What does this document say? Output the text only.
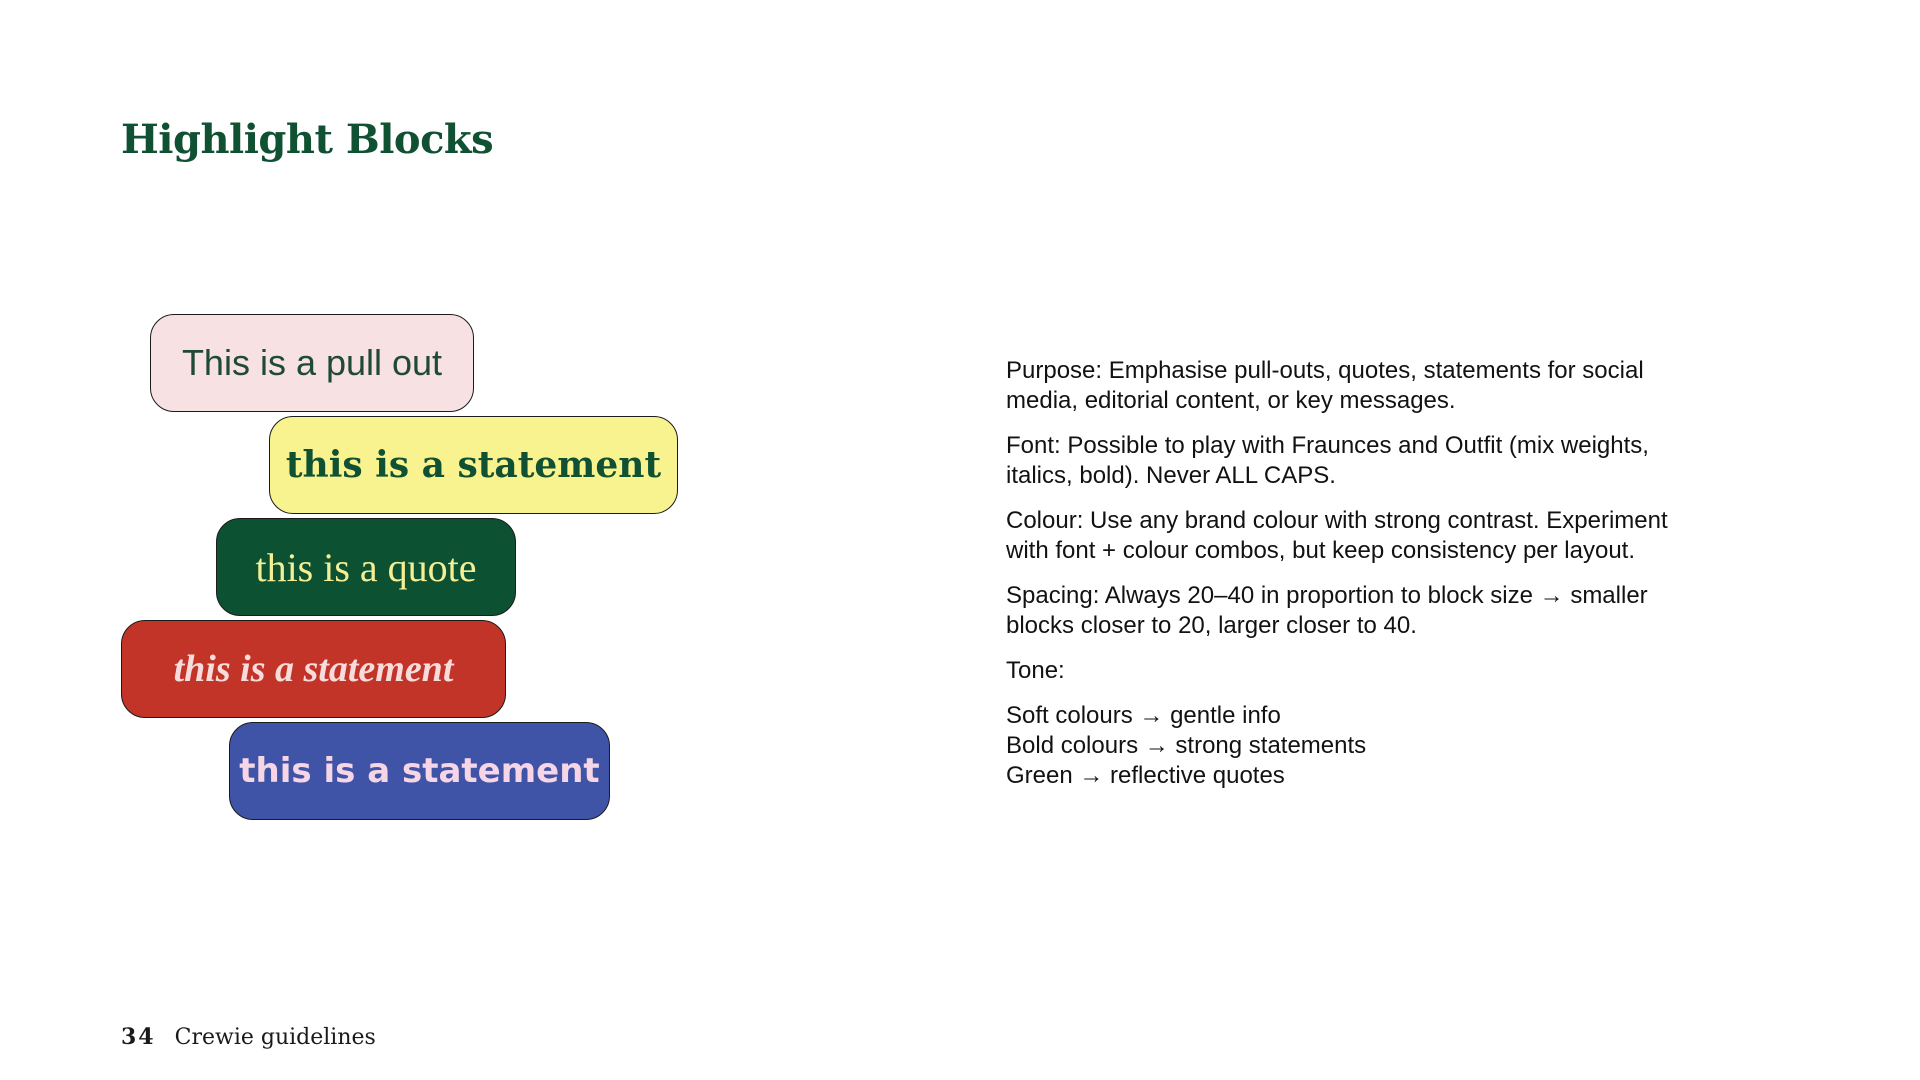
Highlight Blocks
This is a pull out
this is a statement
this is a quote
this is a statement
this is a statement

Purpose: Emphasise pull-outs, quotes, statements for social
media, editorial content, or key messages.

Font: Possible to play with Fraunces and Outfit (mix weights,
italics, bold). Never ALL CAPS.

Colour: Use any brand colour with strong contrast. Experiment
with font + colour combos, but keep consistency per layout.

Spacing: Always 20–40 in proportion to block size → smaller
blocks closer to 20, larger closer to 40.

Tone:

Soft colours → gentle info
Bold colours → strong statements
Green → reflective quotes
34 Crewie guidelines
